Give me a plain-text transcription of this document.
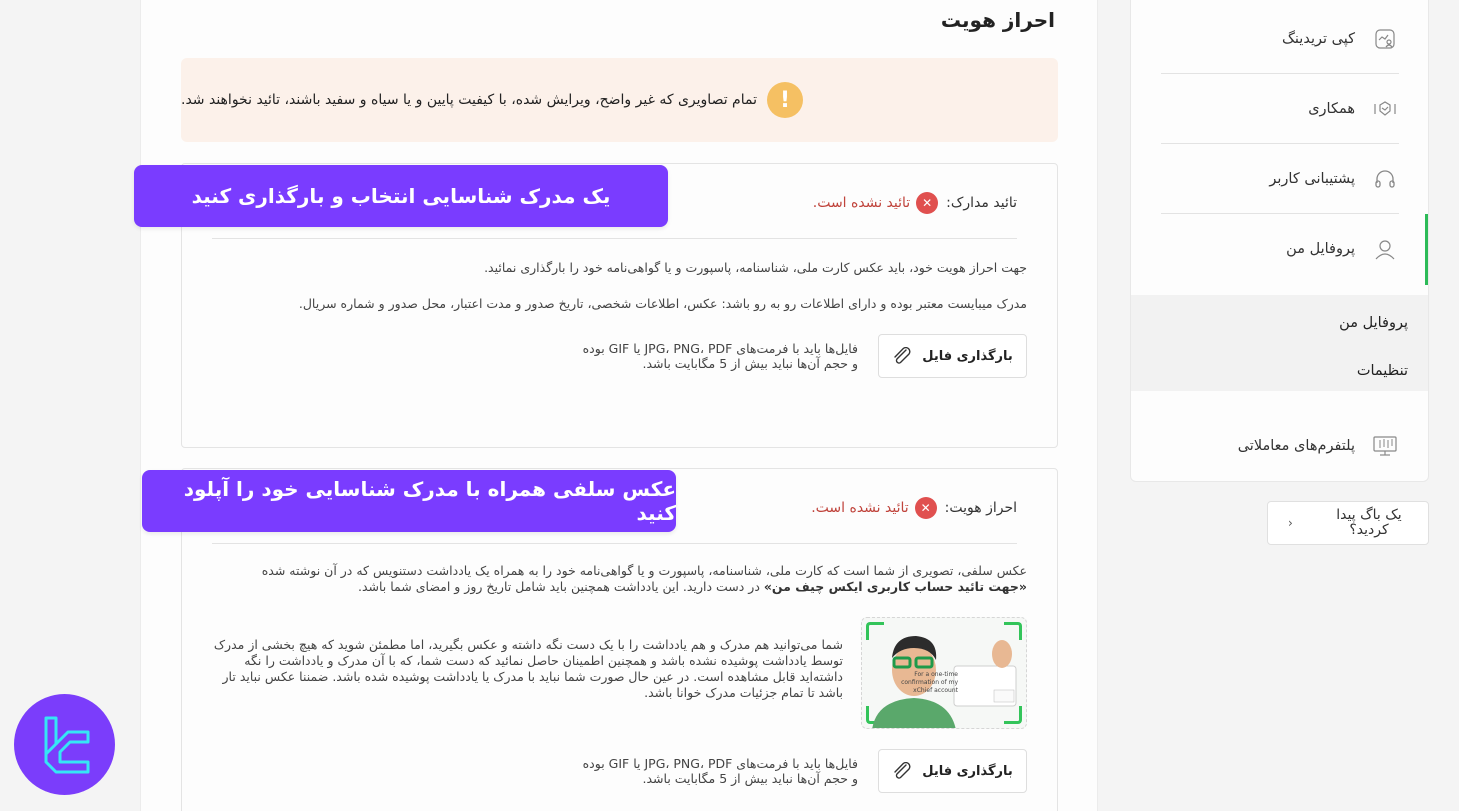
احراز هویت
!
تمام تصاویری که غیر واضح، ویرایش شده، با کیفیت پایین و یا سیاه و سفید باشند، تائید نخواهند شد.
تائید مدارک:
✕
تائید نشده است.
جهت احراز هویت خود، باید عکس کارت ملی، شناسنامه، پاسپورت و یا گواهی‌نامه خود را بارگذاری نمائید.
مدرک میبایست معتبر بوده و دارای اطلاعات رو به رو باشد: عکس، اطلاعات شخصی، تاریخ صدور و مدت اعتبار، محل صدور و شماره سریال.
بارگذاری فایل
فایل‌ها باید با فرمت‌های JPG، PNG، PDF یا GIF بوده
و حجم آن‌ها نباید بیش از 5 مگابایت باشد.
احراز هویت:
✕
تائید نشده است.
عکس سلفی، تصویری از شما است که کارت ملی، شناسنامه، پاسپورت و یا گواهی‌نامه خود را به همراه یک یادداشت دستنویس که در آن نوشته شده «جهت تائید حساب کاربری ایکس چیف من» در دست دارید. این یادداشت همچنین باید شامل تاریخ روز و امضای شما باشد.
For a one-time
confirmation of my
xChief account
شما می‌توانید هم مدرک و هم یادداشت را با یک دست نگه داشته و عکس بگیرید، اما مطمئن شوید که هیچ بخشی از مدرک توسط یادداشت پوشیده نشده باشد و همچنین اطمینان حاصل نمائید که دست شما، که با آن مدرک و یادداشت را نگه داشته‌اید قابل مشاهده است. در عین حال صورت شما نباید با مدرک یا یادداشت پوشیده شده باشد. ضمننا عکس نباید تار باشد تا تمام جزئیات مدرک خوانا باشد.
بارگذاری فایل
فایل‌ها باید با فرمت‌های JPG، PNG، PDF یا GIF بوده
و حجم آن‌ها نباید بیش از 5 مگابایت باشد.
یک مدرک شناسایی انتخاب و بارگذاری کنید
عکس سلفی همراه با مدرک شناسایی خود را آپلود کنید
کپی تریدینگ
همکاری
پشتیبانی کاربر
پروفایل من
پروفایل من
تنظیمات
پلتفرم‌های معاملاتی
›	یک باگ پیدا کردید؟
